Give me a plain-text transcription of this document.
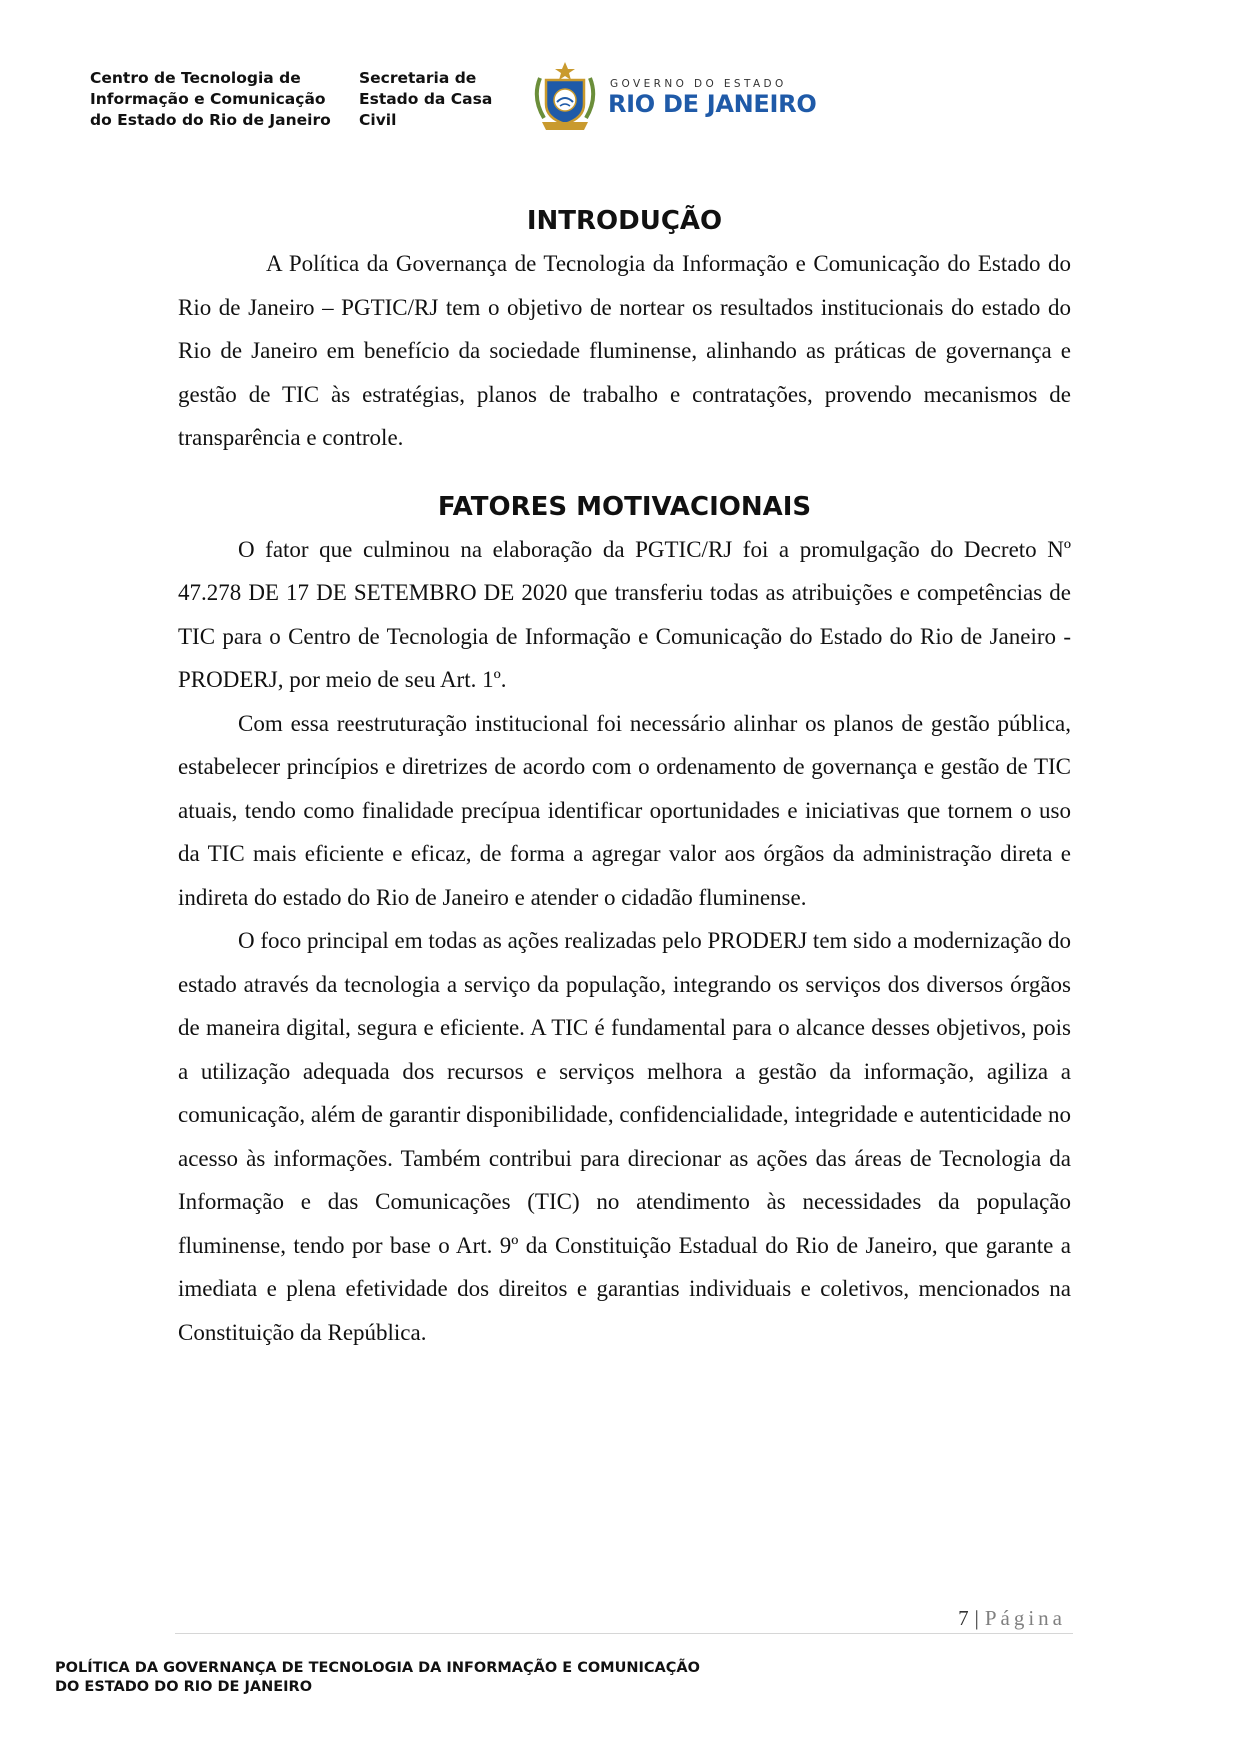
Centro de Tecnologia de
Informação e Comunicação
do Estado do Rio de Janeiro
Secretaria de
Estado da Casa
Civil
GOVERNO DO ESTADO
RIO DE JANEIRO
INTRODUÇÃO

A Política da Governança de Tecnologia da Informação e Comunicação do Estado do Rio de Janeiro – PGTIC/RJ tem o objetivo de nortear os resultados institucionais do estado do Rio de Janeiro em benefício da sociedade fluminense, alinhando as práticas de governança e gestão de TIC às estratégias, planos de trabalho e contratações, provendo mecanismos de transparência e controle.

FATORES MOTIVACIONAIS

O fator que culminou na elaboração da PGTIC/RJ foi a promulgação do Decreto Nº 47.278 DE 17 DE SETEMBRO DE 2020 que transferiu todas as atribuições e competências de TIC para o Centro de Tecnologia de Informação e Comunicação do Estado do Rio de Janeiro - PRODERJ, por meio de seu Art. 1º.

Com essa reestruturação institucional foi necessário alinhar os planos de gestão pública, estabelecer princípios e diretrizes de acordo com o ordenamento de governança e gestão de TIC atuais, tendo como finalidade precípua identificar oportunidades e iniciativas que tornem o uso da TIC mais eficiente e eficaz, de forma a agregar valor aos órgãos da administração direta e indireta do estado do Rio de Janeiro e atender o cidadão fluminense.

O foco principal em todas as ações realizadas pelo PRODERJ tem sido a modernização do estado através da tecnologia a serviço da população, integrando os serviços dos diversos órgãos de maneira digital, segura e eficiente. A TIC é fundamental para o alcance desses objetivos, pois a utilização adequada dos recursos e serviços melhora a gestão da informação, agiliza a comunicação, além de garantir disponibilidade, confidencialidade, integridade e autenticidade no acesso às informações. Também contribui para direcionar as ações das áreas de Tecnologia da Informação e das Comunicações (TIC) no atendimento às necessidades da população fluminense, tendo por base o Art. 9º da Constituição Estadual do Rio de Janeiro, que garante a imediata e plena efetividade dos direitos e garantias individuais e coletivos, mencionados na Constituição da República.

7 | Página
POLÍTICA DA GOVERNANÇA DE TECNOLOGIA DA INFORMAÇÃO E COMUNICAÇÃO
DO ESTADO DO RIO DE JANEIRO
